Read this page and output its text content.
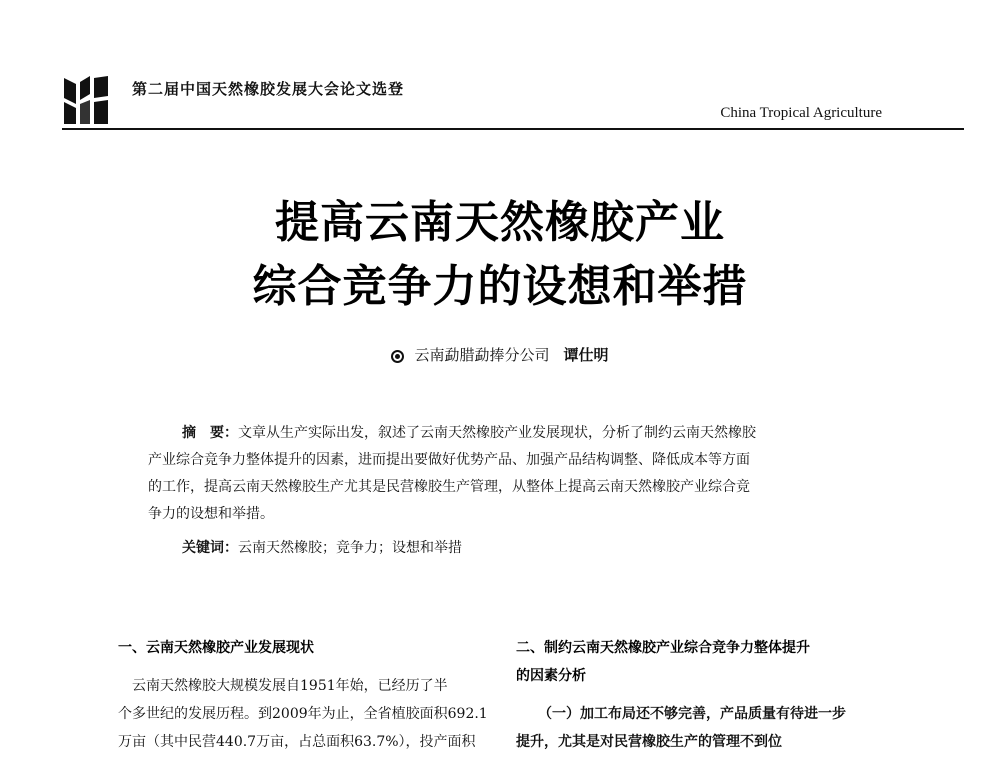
第二届中国天然橡胶发展大会论文选登
China Tropical Agriculture
提高云南天然橡胶产业
综合竞争力的设想和举措
云南勐腊勐捧分公司 谭仕明
摘　要：文章从生产实际出发，叙述了云南天然橡胶产业发展现状，分析了制约云南天然橡胶
产业综合竞争力整体提升的因素，进而提出要做好优势产品、加强产品结构调整、降低成本等方面
的工作，提高云南天然橡胶生产尤其是民营橡胶生产管理，从整体上提高云南天然橡胶产业综合竞
争力的设想和举措。
关键词：云南天然橡胶；竞争力；设想和举措
一、云南天然橡胶产业发展现状
　云南天然橡胶大规模发展自1951年始，已经历了半
个多世纪的发展历程。到2009年为止，全省植胶面积692.1
万亩（其中民营440.7万亩，占总面积63.7%），投产面积
二、制约云南天然橡胶产业综合竞争力整体提升
的因素分析
（一）加工布局还不够完善，产品质量有待进一步
提升，尤其是对民营橡胶生产的管理不到位
